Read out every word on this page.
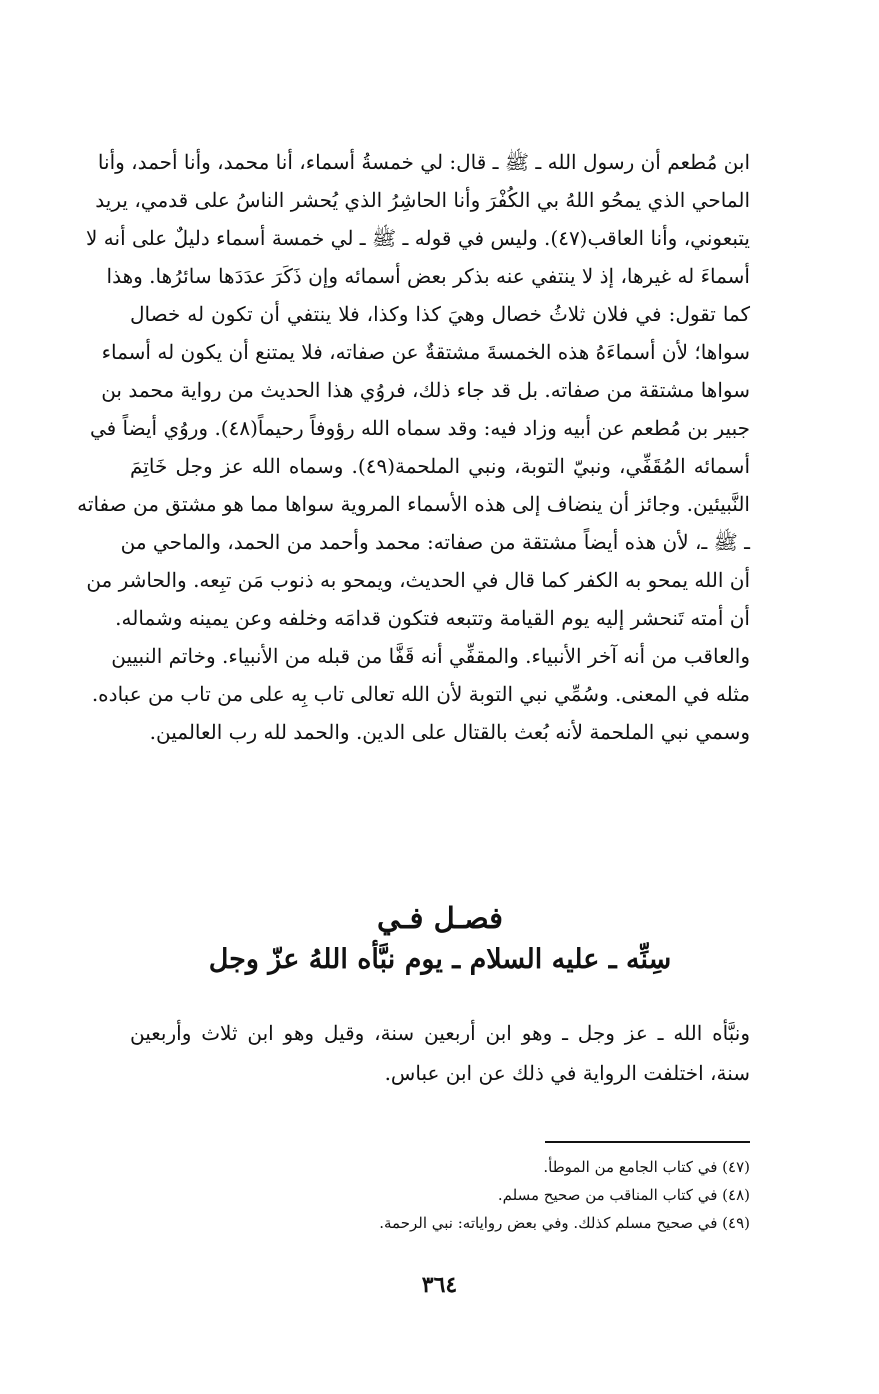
ابن مُطعم أن رسول الله ـ ﷺ ـ قال: لي خمسةُ أسماء، أنا محمد، وأنا أحمد، وأنا
الماحي الذي يمحُو اللهُ بي الكُفْرَ وأنا الحاشِرُ الذي يُحشر الناسُ على قدمي، يريد
يتبعوني، وأنا العاقب(٤٧). وليس في قوله ـ ﷺ ـ لي خمسة أسماء دليلٌ على أنه لا
أسماءَ له غيرها، إذ لا ينتفي عنه بذكر بعض أسمائه وإن ذَكَرَ عدَدَها سائرُها. وهذا
كما تقول: في فلان ثلاثُ خصال وهيَ كذا وكذا، فلا ينتفي أن تكون له خصال
سواها؛ لأن أسماءَهُ هذه الخمسةَ مشتقةٌ عن صفاته، فلا يمتنع أن يكون له أسماء
سواها مشتقة من صفاته. بل قد جاء ذلك، فروُي هذا الحديث من رواية محمد بن
جبير بن مُطعم عن أبيه وزاد فيه: وقد سماه الله رؤوفاً رحيماً(٤٨). وروُي أيضاً في
أسمائه المُقَفِّي، ونبيّ التوبة، ونبي الملحمة(٤٩). وسماه الله عز وجل خَاتِمَ
النَّبيئين. وجائز أن ينضاف إلى هذه الأسماء المروية سواها مما هو مشتق من صفاته
ـ ﷺ ـ، لأن هذه أيضاً مشتقة من صفاته: محمد وأحمد من الحمد، والماحي من
أن الله يمحو به الكفر كما قال في الحديث، ويمحو به ذنوب مَن تبِعه. والحاشر من
أن أمته تَنحشر إليه يوم القيامة وتتبعه فتكون قدامَه وخلفه وعن يمينه وشماله.
والعاقب من أنه آخر الأنبياء. والمقفِّي أنه قَفَّا من قبله من الأنبياء. وخاتم النبيين
مثله في المعنى. وسُمِّي نبي التوبة لأن الله تعالى تاب بِه على من تاب من عباده.
وسمي نبي الملحمة لأنه بُعث بالقتال على الدين. والحمد لله رب العالمين.
فصـل فـي
سِنِّه ـ عليه السلام ـ يوم نبَّأه اللهُ عزّ وجل
ونبَّأه الله ـ عز وجل ـ وهو ابن أربعين سنة، وقيل وهو ابن ثلاث وأربعين
سنة، اختلفت الرواية في ذلك عن ابن عباس.
(٤٧) في كتاب الجامع من الموطأ.
(٤٨) في كتاب المناقب من صحيح مسلم.
(٤٩) في صحيح مسلم كذلك. وفي بعض رواياته: نبي الرحمة.
٣٦٤
